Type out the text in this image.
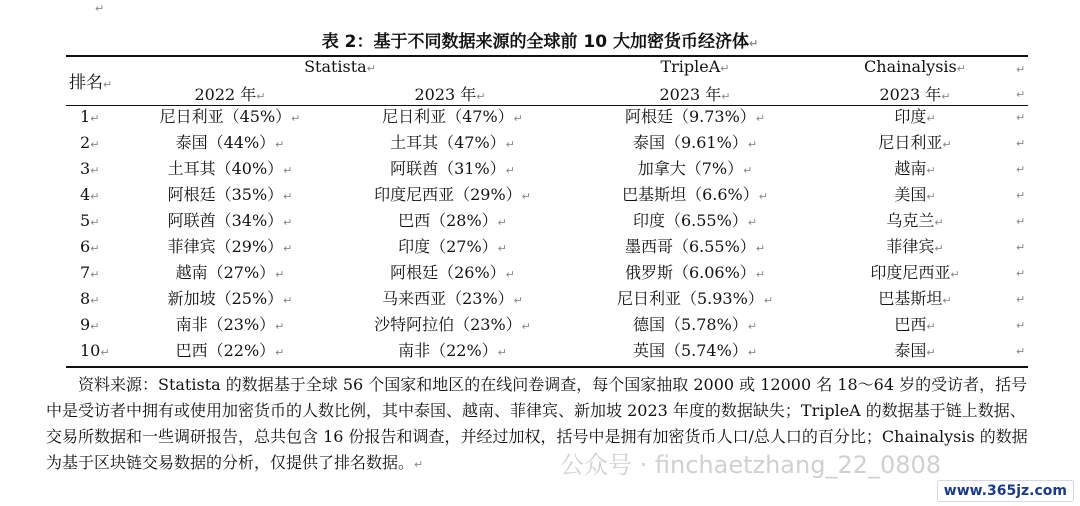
↵
表 2：基于不同数据来源的全球前 10 大加密货币经济体↵
排名↵
Statista↵	TripleA↵	Chainalysis↵	↵
2022 年↵	2023 年↵	2023 年↵	2023 年↵	↵
1↵	尼日利亚（45%）↵	尼日利亚（47%）↵	阿根廷（9.73%）↵	印度↵	↵
2↵	泰国（44%）↵	土耳其（47%）↵	泰国（9.61%）↵	尼日利亚↵	↵
3↵	土耳其（40%）↵	阿联酋（31%）↵	加拿大（7%）↵	越南↵	↵
4↵	阿根廷（35%）↵	印度尼西亚（29%）↵	巴基斯坦（6.6%）↵	美国↵	↵
5↵	阿联酋（34%）↵	巴西（28%）↵	印度（6.55%）↵	乌克兰↵	↵
6↵	菲律宾（29%）↵	印度（27%）↵	墨西哥（6.55%）↵	菲律宾↵	↵
7↵	越南（27%）↵	阿根廷（26%）↵	俄罗斯（6.06%）↵	印度尼西亚↵	↵
8↵	新加坡（25%）↵	马来西亚（23%）↵	尼日利亚（5.93%）↵	巴基斯坦↵	↵
9↵	南非（23%）↵	沙特阿拉伯（23%）↵	德国（5.78%）↵	巴西↵	↵
10↵	巴西（22%）↵	南非（22%）↵	英国（5.74%）↵	泰国↵	↵

资料来源：Statista 的数据基于全球 56 个国家和地区的在线问卷调查，每个国家抽取 2000 或 12000 名 18～64 岁的受访者，括号中是受访者中拥有或使用加密货币的人数比例，其中泰国、越南、菲律宾、新加坡 2023 年度的数据缺失；TripleA 的数据基于链上数据、交易所数据和一些调研报告，总共包含 16 份报告和调查，并经过加权，括号中是拥有加密货币人口/总人口的百分比；Chainalysis 的数据为基于区块链交易数据的分析，仅提供了排名数据。↵	公众号 · finchaetzhang_22_0808
www.365jz.com
